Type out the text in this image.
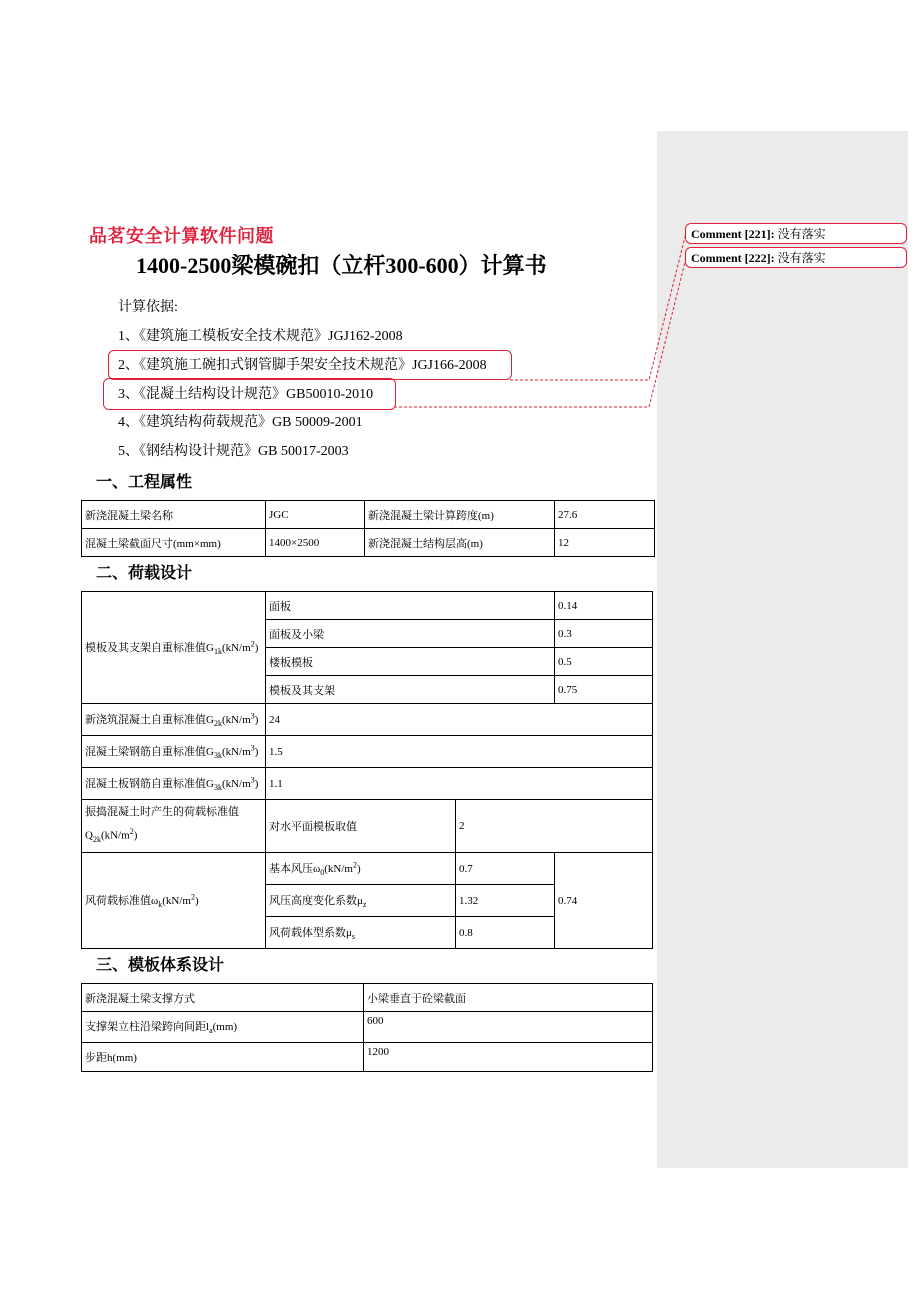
Comment [221]: 没有落实
Comment [222]: 没有落实
品茗安全计算软件问题
1400-2500梁模碗扣（立杆300-600）计算书
计算依据:
1、《建筑施工模板安全技术规范》JGJ162-2008
2、《建筑施工碗扣式钢管脚手架安全技术规范》JGJ166-2008
3、《混凝土结构设计规范》GB50010-2010
4、《建筑结构荷载规范》GB 50009-2001
5、《钢结构设计规范》GB 50017-2003
一、工程属性
新浇混凝土梁名称	JGC	新浇混凝土梁计算跨度(m)	27.6
混凝土梁截面尺寸(mm×mm)	1400×2500	新浇混凝土结构层高(m)	12
二、荷载设计
模板及其支架自重标准值$G_{1k}(kN/m^2)$	面板		0.14
	面板及小梁		0.3
	楼板模板		0.5
	模板及其支架		0.75
新浇筑混凝土自重标准值$G_{2k}(kN/m^3)$	24		
混凝土梁钢筋自重标准值$G_{3k}(kN/m^3)$	1.5		
混凝土板钢筋自重标准值$G_{3k}(kN/m^3)$	1.1		
振捣混凝土时产生的荷载标准值
$Q_{2k}(kN/m^2)$	对水平面模板取值	2	
风荷载标准值$\omega_k(kN/m^2)$	基本风压$\omega_0(kN/m^2)$	0.7	0.74
	风压高度变化系数$\mu_z$	1.32	
	风荷载体型系数$\mu_s$	0.8	
三、模板体系设计
新浇混凝土梁支撑方式	小梁垂直于砼梁截面
支撑架立柱沿梁跨向间距$l_a(mm)$	600
步距h(mm)	1200
